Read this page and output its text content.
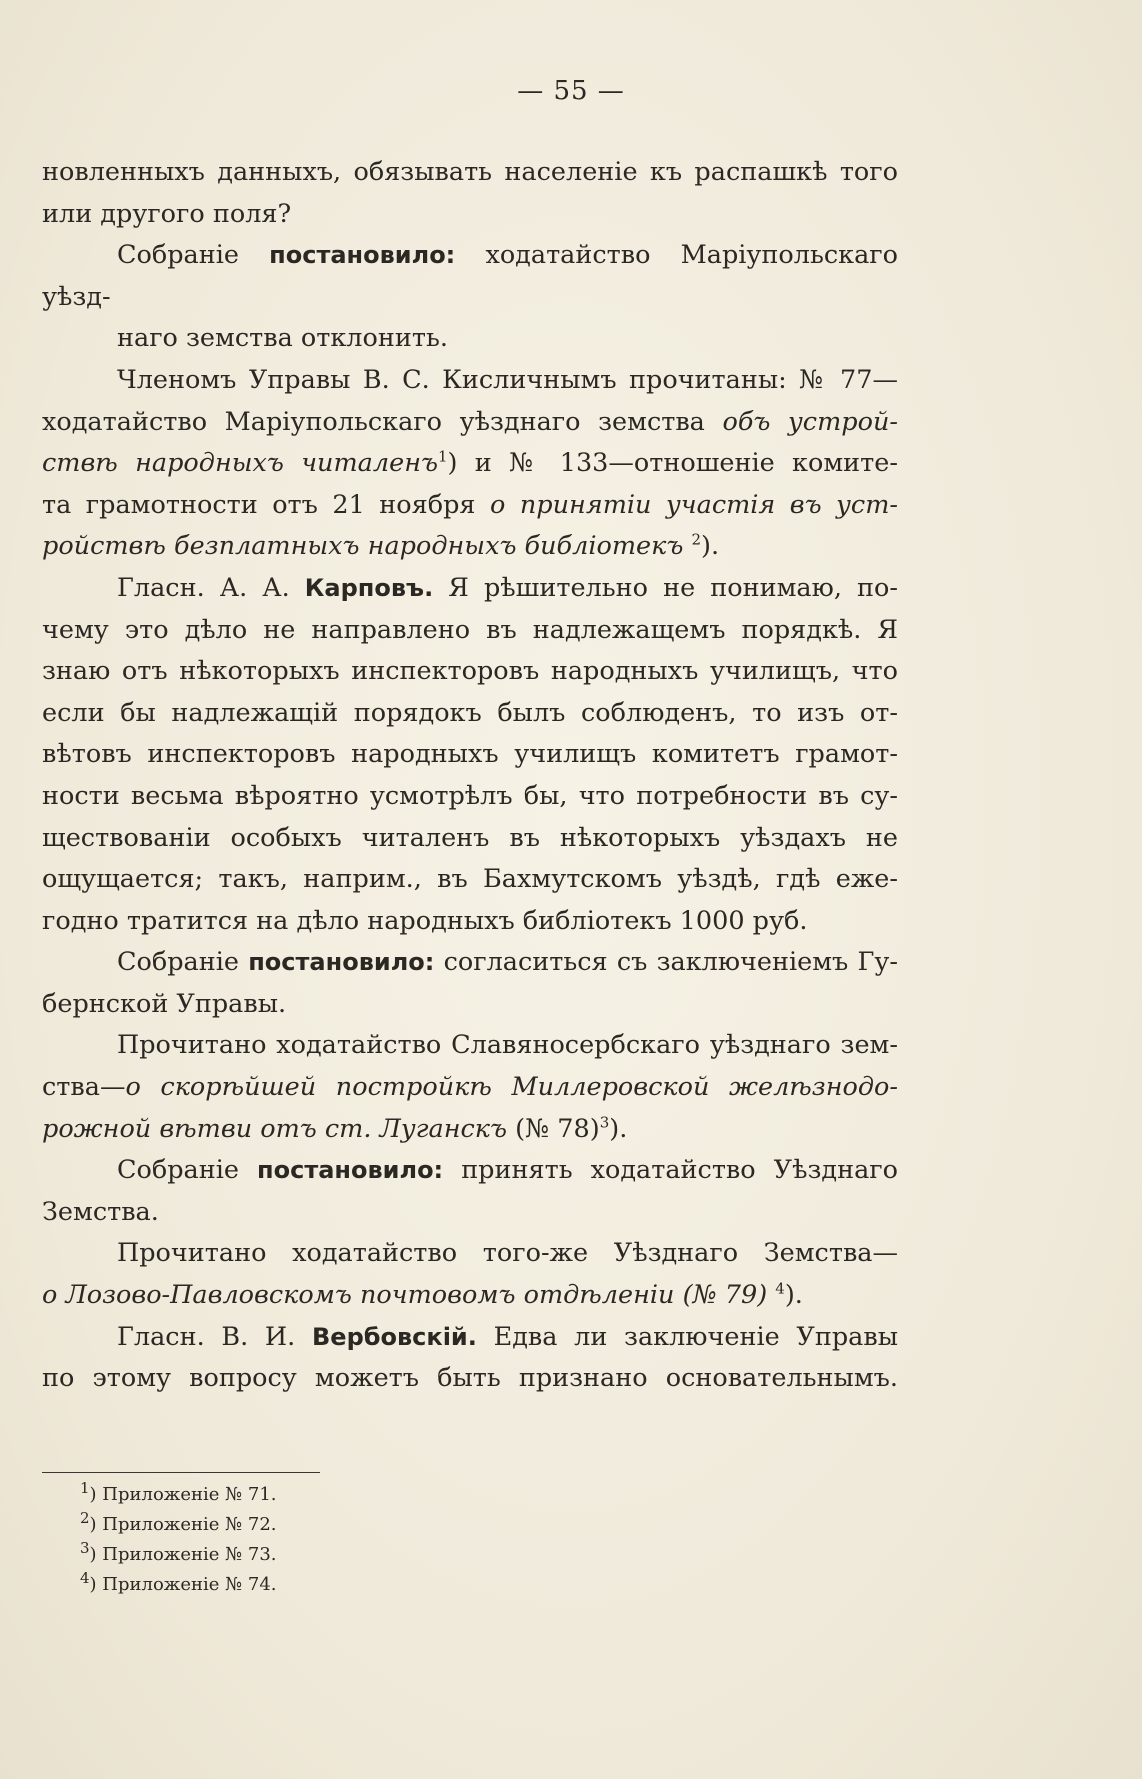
— 55 —

новленныхъ данныхъ, обязывать населеніе къ распашкѣ того
или другого поля?

Собраніе постановило: ходатайство Маріупольскаго уѣзд-
наго земства отклонить.

Членомъ Управы В. С. Кисличнымъ прочитаны: № 77—
ходатайство Маріупольскаго уѣзднаго земства объ устрой-
ствѣ народныхъ читаленъ$^1$) и № 133—отношеніе комите-
та грамотности отъ 21 ноября о принятіи участія въ уст-
ройствѣ безплатныхъ народныхъ библіотекъ $^2$).

Гласн. А. А. Карповъ. Я рѣшительно не понимаю, по-
чему это дѣло не направлено въ надлежащемъ порядкѣ. Я
знаю отъ нѣкоторыхъ инспекторовъ народныхъ училищъ, что
если бы надлежащій порядокъ былъ соблюденъ, то изъ от-
вѣтовъ инспекторовъ народныхъ училищъ комитетъ грамот-
ности весьма вѣроятно усмотрѣлъ бы, что потребности въ су-
ществованіи особыхъ читаленъ въ нѣкоторыхъ уѣздахъ не
ощущается; такъ, наприм., въ Бахмутскомъ уѣздѣ, гдѣ еже-
годно тратится на дѣло народныхъ библіотекъ 1000 руб.

Собраніе постановило: согласиться съ заключеніемъ Гу-
бернской Управы.

Прочитано ходатайство Славяносербскаго уѣзднаго зем-
ства—о скорѣйшей постройкѣ Миллеровской желѣзнодо-
рожной вѣтви отъ ст. Луганскъ (№ 78)$^3$).

Собраніе постановило: принять ходатайство Уѣзднаго
Земства.

Прочитано ходатайство того-же Уѣзднаго Земства—
о Лозово-Павловскомъ почтовомъ отдѣленіи (№ 79) $^4$).

Гласн. В. И. Вербовскій. Едва ли заключеніе Управы
по этому вопросу можетъ быть признано основательнымъ.

$^1$) Приложеніе № 71.
$^2$) Приложеніе № 72.
$^3$) Приложеніе № 73.
$^4$) Приложеніе № 74.
